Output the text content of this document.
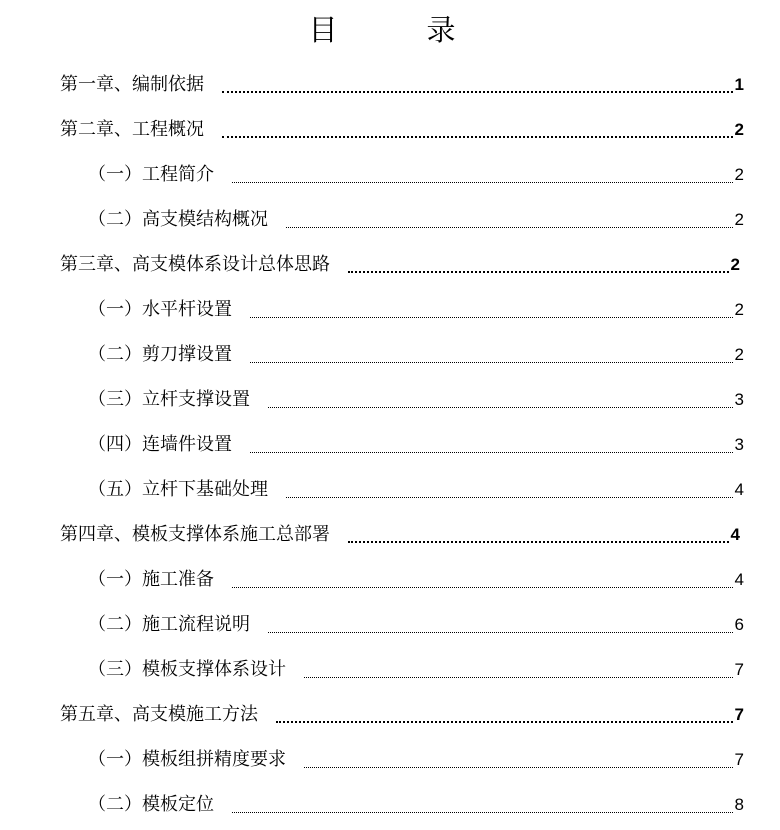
目　录
第一章、编制依据	1
第二章、工程概况	2
（一）工程简介	2
（二）高支模结构概况	2
第三章、高支模体系设计总体思路	2
（一）水平杆设置	2
（二）剪刀撑设置	2
（三）立杆支撑设置	3
（四）连墙件设置	3
（五）立杆下基础处理	4
第四章、模板支撑体系施工总部署	4
（一）施工准备	4
（二）施工流程说明	6
（三）模板支撑体系设计	7
第五章、高支模施工方法	7
（一）模板组拼精度要求	7
（二）模板定位	8
